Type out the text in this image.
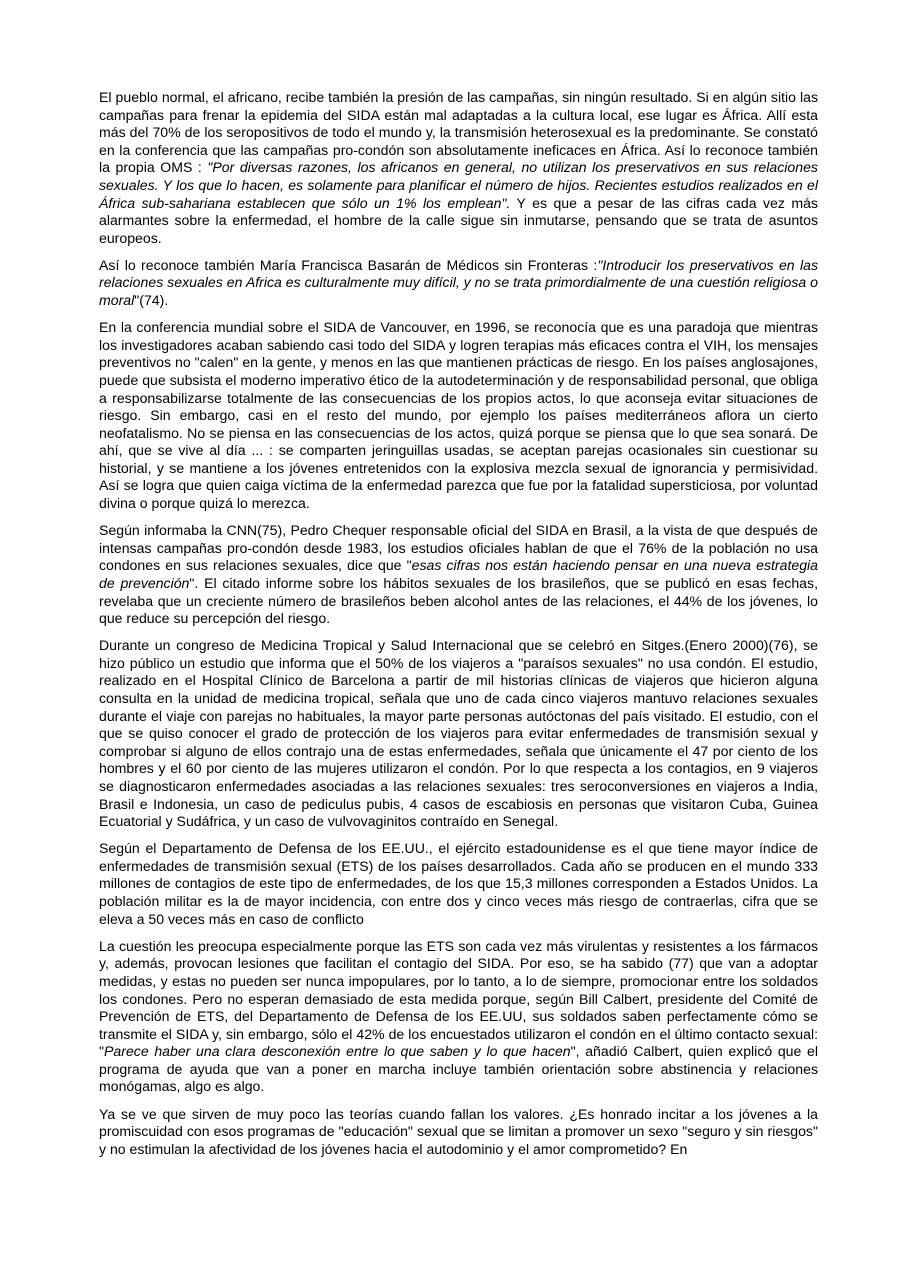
El pueblo normal, el africano, recibe también la presión de las campañas, sin ningún resultado. Si en algún sitio las campañas para frenar la epidemia del SIDA están mal adaptadas a la cultura local, ese lugar es África. Allí esta más del 70% de los seropositivos de todo el mundo y, la transmisión heterosexual es la predominante. Se constató en la conferencia que las campañas pro-condón son absolutamente ineficaces en África. Así lo reconoce también la propia OMS : "Por diversas razones, los africanos en general, no utilizan los preservativos en sus relaciones sexuales. Y los que lo hacen, es solamente para planificar el número de hijos. Recientes estudios realizados en el África sub-sahariana establecen que sólo un 1% los emplean". Y es que a pesar de las cifras cada vez más alarmantes sobre la enfermedad, el hombre de la calle sigue sin inmutarse, pensando que se trata de asuntos europeos.

Así lo reconoce también María Francisca Basarán de Médicos sin Fronteras :"Introducir los preservativos en las relaciones sexuales en Africa es culturalmente muy difícil, y no se trata primordialmente de una cuestión religiosa o moral"(74).

En la conferencia mundial sobre el SIDA de Vancouver, en 1996, se reconocía que es una paradoja que mientras los investigadores acaban sabiendo casi todo del SIDA y logren terapias más eficaces contra el VIH, los mensajes preventivos no "calen" en la gente, y menos en las que mantienen prácticas de riesgo. En los países anglosajones, puede que subsista el moderno imperativo ético de la autodeterminación y de responsabilidad personal, que obliga a responsabilizarse totalmente de las consecuencias de los propios actos, lo que aconseja evitar situaciones de riesgo. Sin embargo, casi en el resto del mundo, por ejemplo los países mediterráneos aflora un cierto neofatalismo. No se piensa en las consecuencias de los actos, quizá porque se piensa que lo que sea sonará. De ahí, que se vive al día ... : se comparten jeringuillas usadas, se aceptan parejas ocasionales sin cuestionar su historial, y se mantiene a los jóvenes entretenidos con la explosiva mezcla sexual de ignorancia y permisividad. Así se logra que quien caiga víctima de la enfermedad parezca que fue por la fatalidad supersticiosa, por voluntad divina o porque quizá lo merezca.

Según informaba la CNN(75), Pedro Chequer responsable oficial del SIDA en Brasil, a la vista de que después de intensas campañas pro-condón desde 1983, los estudios oficiales hablan de que el 76% de la población no usa condones en sus relaciones sexuales, dice que "esas cifras nos están haciendo pensar en una nueva estrategia de prevención". El citado informe sobre los hábitos sexuales de los brasileños, que se publicó en esas fechas, revelaba que un creciente número de brasileños beben alcohol antes de las relaciones, el 44% de los jóvenes, lo que reduce su percepción del riesgo.

Durante un congreso de Medicina Tropical y Salud Internacional que se celebró en Sitges.(Enero 2000)(76), se hizo público un estudio que informa que el 50% de los viajeros a "paraísos sexuales" no usa condón. El estudio, realizado en el Hospital Clínico de Barcelona a partir de mil historias clínicas de viajeros que hicieron alguna consulta en la unidad de medicina tropical, señala que uno de cada cinco viajeros mantuvo relaciones sexuales durante el viaje con parejas no habituales, la mayor parte personas autóctonas del país visitado. El estudio, con el que se quiso conocer el grado de protección de los viajeros para evitar enfermedades de transmisión sexual y comprobar si alguno de ellos contrajo una de estas enfermedades, señala que únicamente el 47 por ciento de los hombres y el 60 por ciento de las mujeres utilizaron el condón. Por lo que respecta a los contagios, en 9 viajeros se diagnosticaron enfermedades asociadas a las relaciones sexuales: tres seroconversiones en viajeros a India, Brasil e Indonesia, un caso de pediculus pubis, 4 casos de escabiosis en personas que visitaron Cuba, Guinea Ecuatorial y Sudáfrica, y un caso de vulvovaginitos contraído en Senegal.

Según el Departamento de Defensa de los EE.UU., el ejército estadounidense es el que tiene mayor índice de enfermedades de transmisión sexual (ETS) de los países desarrollados. Cada año se producen en el mundo 333 millones de contagios de este tipo de enfermedades, de los que 15,3 millones corresponden a Estados Unidos. La población militar es la de mayor incidencia, con entre dos y cinco veces más riesgo de contraerlas, cifra que se eleva a 50 veces más en caso de conflicto

La cuestión les preocupa especialmente porque las ETS son cada vez más virulentas y resistentes a los fármacos y, además, provocan lesiones que facilitan el contagio del SIDA. Por eso, se ha sabido (77) que van a adoptar medidas, y estas no pueden ser nunca impopulares, por lo tanto, a lo de siempre, promocionar entre los soldados los condones. Pero no esperan demasiado de esta medida porque, según Bill Calbert, presidente del Comité de Prevención de ETS, del Departamento de Defensa de los EE.UU, sus soldados saben perfectamente cómo se transmite el SIDA y, sin embargo, sólo el 42% de los encuestados utilizaron el condón en el último contacto sexual: "Parece haber una clara desconexión entre lo que saben y lo que hacen", añadió Calbert, quien explicó que el programa de ayuda que van a poner en marcha incluye también orientación sobre abstinencia y relaciones monógamas, algo es algo.

Ya se ve que sirven de muy poco las teorías cuando fallan los valores. ¿Es honrado incitar a los jóvenes a la promiscuidad con esos programas de "educación" sexual que se limitan a promover un sexo "seguro y sin riesgos" y no estimulan la afectividad de los jóvenes hacia el autodominio y el amor comprometido? En
